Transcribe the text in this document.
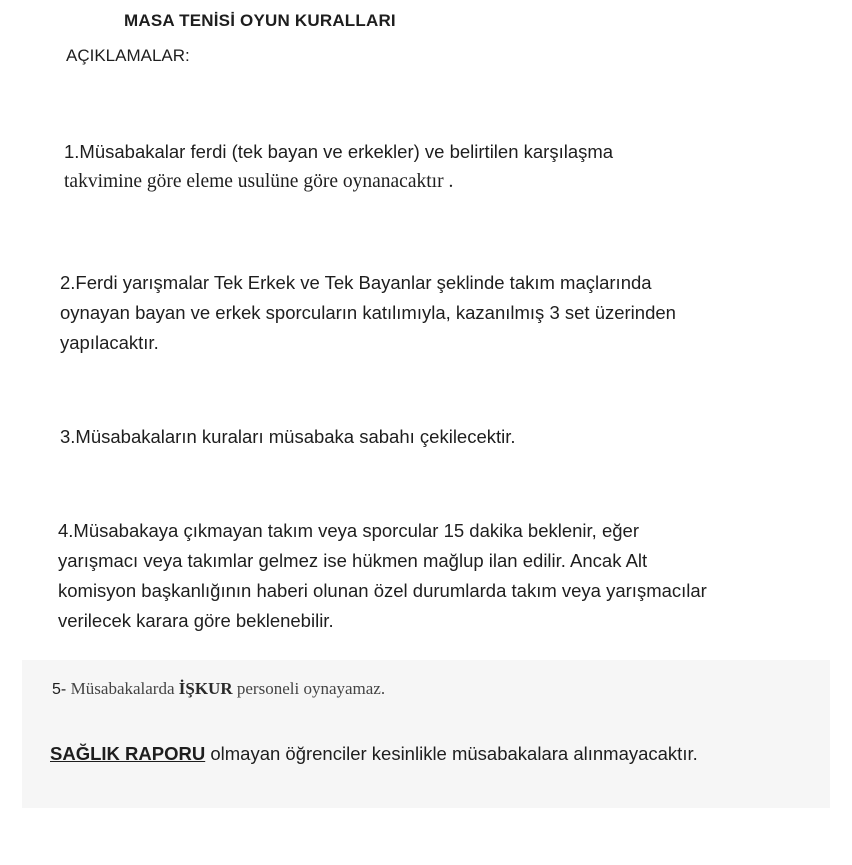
MASA TENİSİ OYUN KURALLARI
AÇIKLAMALAR:

1.Müsabakalar ferdi (tek bayan ve erkekler) ve belirtilen karşılaşma
takvimine göre eleme usulüne göre oynanacaktır .

2.Ferdi yarışmalar Tek Erkek ve Tek Bayanlar şeklinde takım maçlarında
oynayan bayan ve erkek sporcuların katılımıyla, kazanılmış 3 set üzerinden
yapılacaktır.

3.Müsabakaların kuraları müsabaka sabahı çekilecektir.

4.Müsabakaya çıkmayan takım veya sporcular 15 dakika beklenir, eğer
yarışmacı veya takımlar gelmez ise hükmen mağlup ilan edilir. Ancak Alt
komisyon başkanlığının haberi olunan özel durumlarda takım veya yarışmacılar
verilecek karara göre beklenebilir.

5- Müsabakalarda İŞKUR personeli oynayamaz.
SAĞLIK RAPORU olmayan öğrenciler kesinlikle müsabakalara alınmayacaktır.
